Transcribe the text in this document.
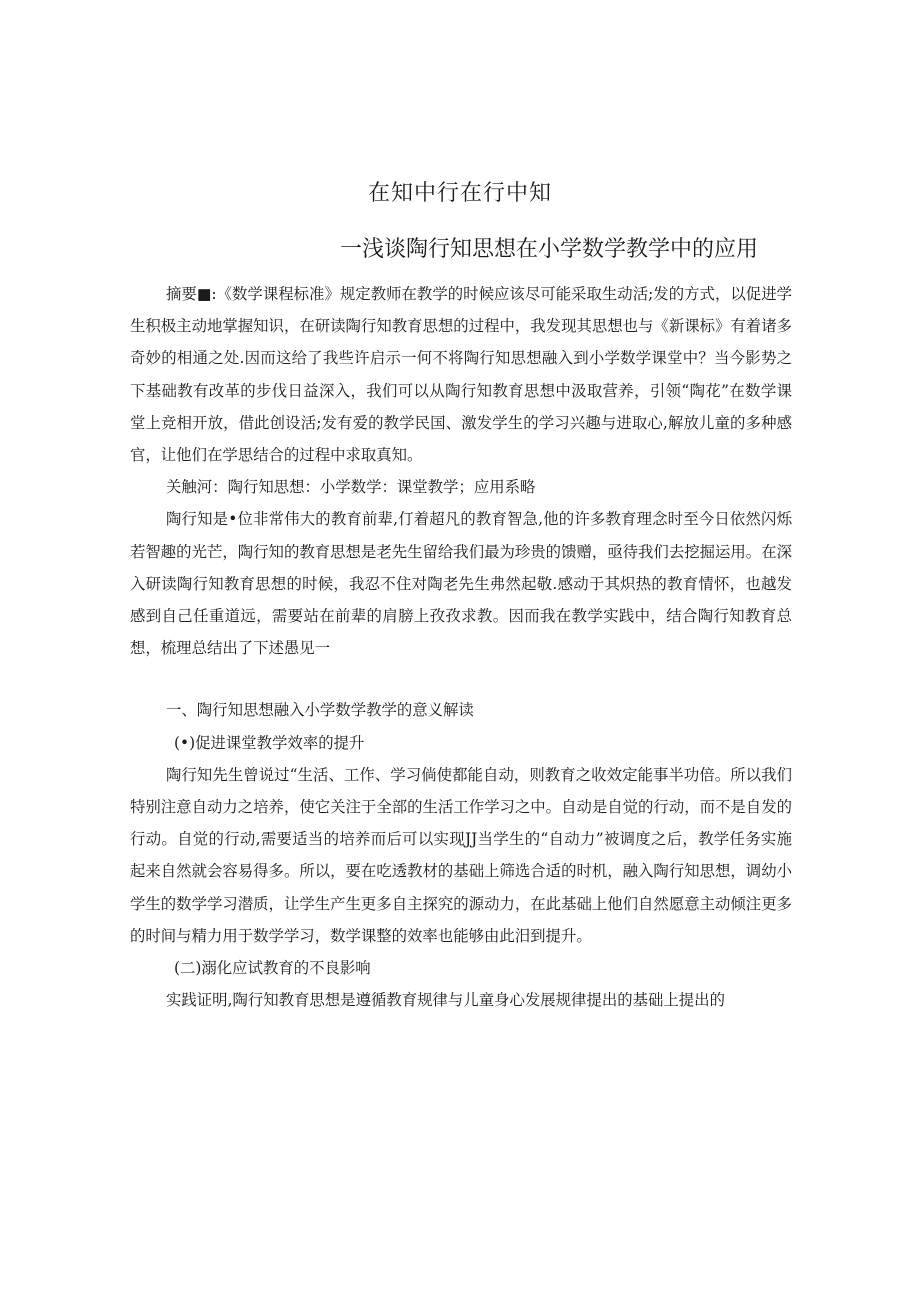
在知中行在行中知
一浅谈陶行知思想在小学数学教学中的应用

摘要■:《数学课程标准》规定教师在教学的时候应该尽可能采取生动活;发的方式，以促进学生积极主动地掌握知识，在研读陶行知教育思想的过程中，我发现其思想也与《新课标》有着诸多奇妙的相通之处.因而这给了我些许启示一何不将陶行知思想融入到小学数学课堂中？当今影势之下基础教有改革的步伐日益深入，我们可以从陶行知教育思想中汲取营养，引领“陶花”在数学课堂上竞相开放，借此创设活;发有爱的教学民国、激发学生的学习兴趣与进取心,解放儿童的多种感官，让他们在学思结合的过程中求取真知。

关触河：陶行知思想：小学数学：课堂教学；应用系略

陶行知是•位非常伟大的教育前辈,仃着超凡的教育智急,他的许多教育理念时至今日依然闪烁若智趣的光芒，陶行知的教育思想是老先生留给我们最为珍贵的馈赠，亟待我们去挖掘运用。在深入研读陶行知教育思想的时候，我忍不住对陶老先生弗然起敬.感动于其炽热的教育情怀，也越发感到自己任重道远，需要站在前辈的肩膀上孜孜求教。因而我在教学实践中，结合陶行知教育总想，梳理总结出了下述愚见一

一、陶行知思想融入小学数学教学的意义解读

(•)促进课堂教学效率的提升

陶行知先生曾说过“生活、工作、学习倘使都能自动，则教育之收效定能事半功倍。所以我们特别注意自动力之培养，使它关注于全部的生活工作学习之中。自动是自觉的行动，而不是自发的行动。自觉的行动,需要适当的培养而后可以实现JJ当学生的“自动力”被调度之后，教学任务实施起来自然就会容易得多。所以，要在吃透教材的基础上筛选合适的时机，融入陶行知思想，调幼小学生的数学学习潜质，让学生产生更多自主探究的源动力，在此基础上他们自然愿意主动倾注更多的时间与精力用于数学学习，数学课整的效率也能够由此汨到提升。

(二)溺化应试教育的不良影响

实践证明,陶行知教育思想是遵循教育规律与儿童身心发展规律提出的基础上提出的
